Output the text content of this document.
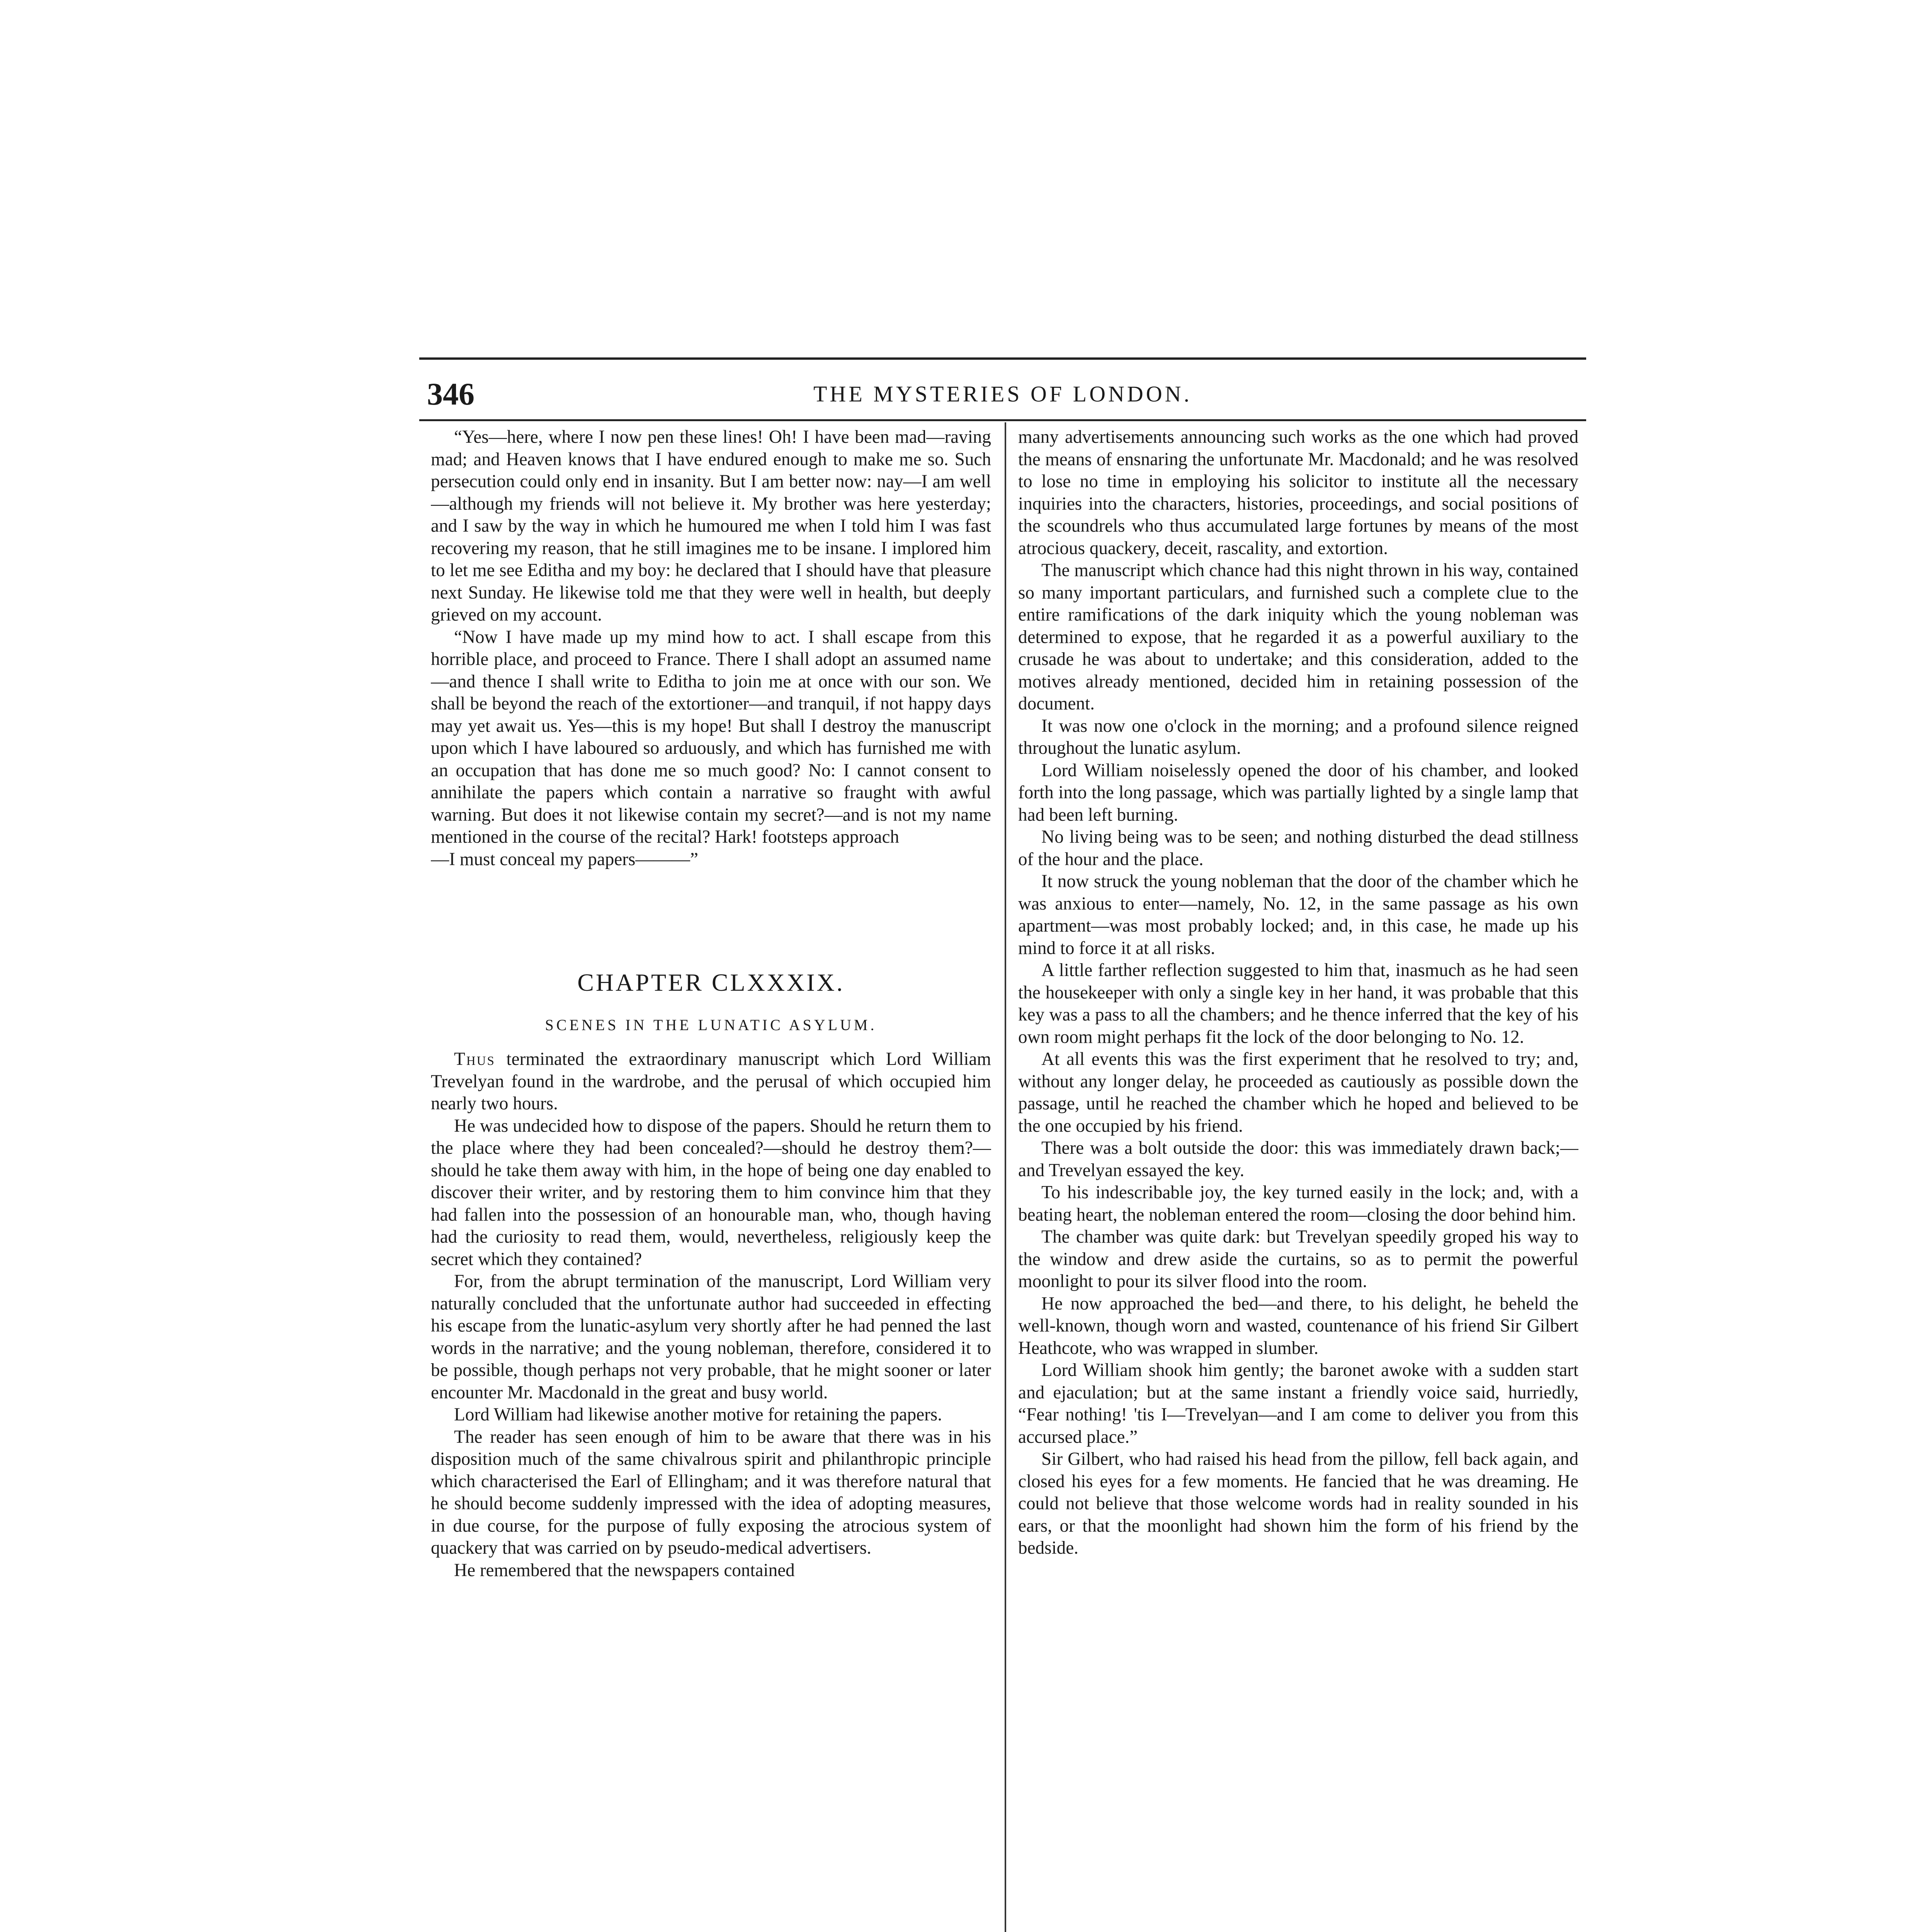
346	THE MYSTERIES OF LONDON.

“Yes—here, where I now pen these lines! Oh! I have been mad—raving mad; and Heaven knows that I have endured enough to make me so. Such persecution could only end in insanity. But I am better now: nay—I am well—although my friends will not believe it. My brother was here yesterday; and I saw by the way in which he humoured me when I told him I was fast recovering my reason, that he still imagines me to be insane. I implored him to let me see Editha and my boy: he declared that I should have that pleasure next Sunday. He likewise told me that they were well in health, but deeply grieved on my account.

“Now I have made up my mind how to act. I shall escape from this horrible place, and proceed to France. There I shall adopt an assumed name—and thence I shall write to Editha to join me at once with our son. We shall be beyond the reach of the extortioner—and tranquil, if not happy days may yet await us. Yes—this is my hope! But shall I destroy the manuscript upon which I have laboured so arduously, and which has furnished me with an occupation that has done me so much good? No: I cannot consent to annihilate the papers which contain a narrative so fraught with awful warning. But does it not likewise contain my secret?—and is not my name mentioned in the course of the recital? Hark! footsteps approach

—I must conceal my papers———”

CHAPTER CLXXXIX.
SCENES IN THE LUNATIC ASYLUM.

Thus terminated the extraordinary manuscript which Lord William Trevelyan found in the wardrobe, and the perusal of which occupied him nearly two hours.

He was undecided how to dispose of the papers. Should he return them to the place where they had been concealed?—should he destroy them?—should he take them away with him, in the hope of being one day enabled to discover their writer, and by restoring them to him convince him that they had fallen into the possession of an honourable man, who, though having had the curiosity to read them, would, nevertheless, religiously keep the secret which they contained?

For, from the abrupt termination of the manuscript, Lord William very naturally concluded that the unfortunate author had succeeded in effecting his escape from the lunatic-asylum very shortly after he had penned the last words in the narrative; and the young nobleman, therefore, considered it to be possible, though perhaps not very probable, that he might sooner or later encounter Mr. Macdonald in the great and busy world.

Lord William had likewise another motive for retaining the papers.

The reader has seen enough of him to be aware that there was in his disposition much of the same chivalrous spirit and philanthropic principle which characterised the Earl of Ellingham; and it was therefore natural that he should become suddenly impressed with the idea of adopting measures, in due course, for the purpose of fully exposing the atrocious system of quackery that was carried on by pseudo-medical advertisers.

He remembered that the newspapers contained

many advertisements announcing such works as the one which had proved the means of ensnaring the unfortunate Mr. Macdonald; and he was resolved to lose no time in employing his solicitor to institute all the necessary inquiries into the characters, histories, proceedings, and social positions of the scoundrels who thus accumulated large fortunes by means of the most atrocious quackery, deceit, rascality, and extortion.

The manuscript which chance had this night thrown in his way, contained so many important particulars, and furnished such a complete clue to the entire ramifications of the dark iniquity which the young nobleman was determined to expose, that he regarded it as a powerful auxiliary to the crusade he was about to undertake; and this consideration, added to the motives already mentioned, decided him in retaining possession of the document.

It was now one o'clock in the morning; and a profound silence reigned throughout the lunatic asylum.

Lord William noiselessly opened the door of his chamber, and looked forth into the long passage, which was partially lighted by a single lamp that had been left burning.

No living being was to be seen; and nothing disturbed the dead stillness of the hour and the place.

It now struck the young nobleman that the door of the chamber which he was anxious to enter—namely, No. 12, in the same passage as his own apartment—was most probably locked; and, in this case, he made up his mind to force it at all risks.

A little farther reflection suggested to him that, inasmuch as he had seen the housekeeper with only a single key in her hand, it was probable that this key was a pass to all the chambers; and he thence inferred that the key of his own room might perhaps fit the lock of the door belonging to No. 12.

At all events this was the first experiment that he resolved to try; and, without any longer delay, he proceeded as cautiously as possible down the passage, until he reached the chamber which he hoped and believed to be the one occupied by his friend.

There was a bolt outside the door: this was immediately drawn back;—and Trevelyan essayed the key.

To his indescribable joy, the key turned easily in the lock; and, with a beating heart, the nobleman entered the room—closing the door behind him.

The chamber was quite dark: but Trevelyan speedily groped his way to the window and drew aside the curtains, so as to permit the powerful moonlight to pour its silver flood into the room.

He now approached the bed—and there, to his delight, he beheld the well-known, though worn and wasted, countenance of his friend Sir Gilbert Heathcote, who was wrapped in slumber.

Lord William shook him gently; the baronet awoke with a sudden start and ejaculation; but at the same instant a friendly voice said, hurriedly, “Fear nothing! 'tis I—Trevelyan—and I am come to deliver you from this accursed place.”

Sir Gilbert, who had raised his head from the pillow, fell back again, and closed his eyes for a few moments. He fancied that he was dreaming. He could not believe that those welcome words had in reality sounded in his ears, or that the moonlight had shown him the form of his friend by the bedside.
